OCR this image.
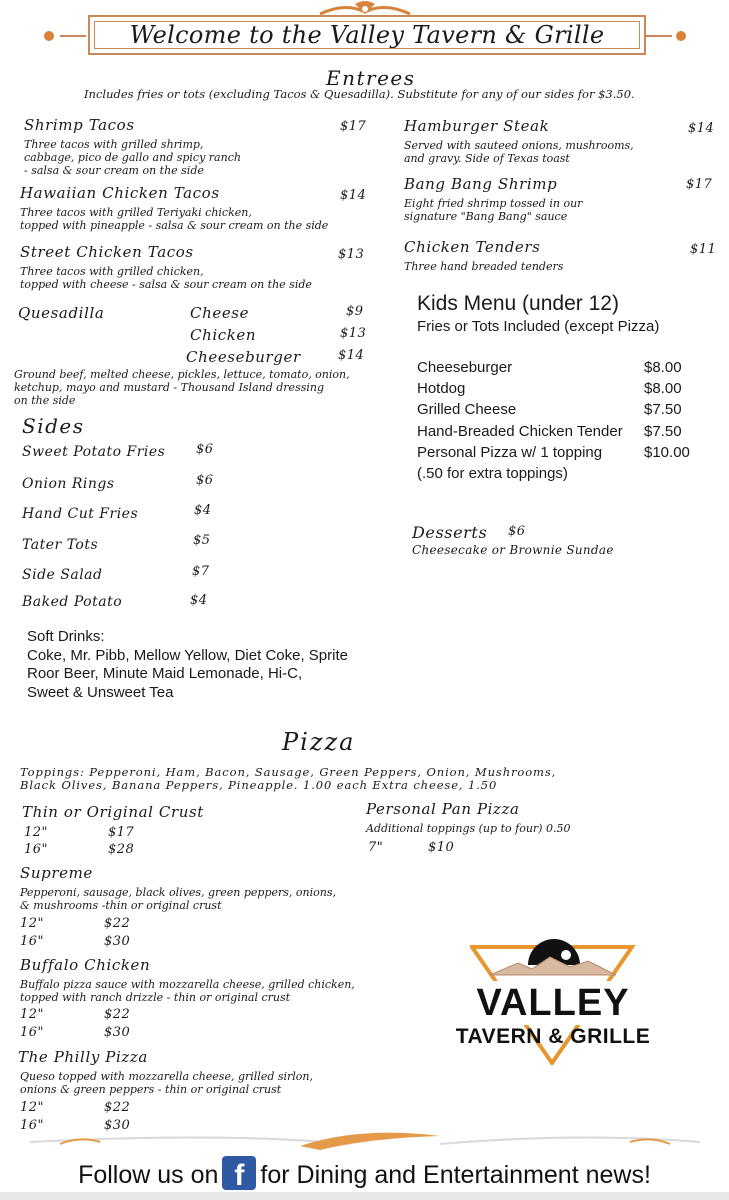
Welcome to the Valley Tavern & Grille
Entrees
Includes fries or tots (excluding Tacos & Quesadilla). Substitute for any of our sides for $3.50.
Shrimp Tacos	$17
Three tacos with grilled shrimp,
cabbage, pico de gallo and spicy ranch
- salsa & sour cream on the side
Hawaiian Chicken Tacos	$14
Three tacos with grilled Teriyaki chicken,
topped with pineapple - salsa & sour cream on the side
Street Chicken Tacos	$13
Three tacos with grilled chicken,
topped with cheese - salsa & sour cream on the side
Quesadilla	Cheese	$9
Chicken	$13
Cheeseburger	$14
Ground beef, melted cheese, pickles, lettuce, tomato, onion,
ketchup, mayo and mustard - Thousand Island dressing
on the side
Hamburger Steak	$14
Served with sauteed onions, mushrooms,
and gravy. Side of Texas toast
Bang Bang Shrimp	$17
Eight fried shrimp tossed in our
signature "Bang Bang" sauce
Chicken Tenders	$11
Three hand breaded tenders
Kids Menu (under 12)
Fries or Tots Included (except Pizza)
Cheeseburger	$8.00
Hotdog	$8.00
Grilled Cheese	$7.50
Hand-Breaded Chicken Tender $7.50
Personal Pizza w/ 1 topping	$10.00
(.50 for extra toppings)
Desserts $6
Cheesecake or Brownie Sundae
Sides
Sweet Potato Fries $6
Onion Rings	$6
Hand Cut Fries	$4
Tater Tots	$5
Side Salad	$7
Baked Potato	$4
Soft Drinks:
Coke, Mr. Pibb, Mellow Yellow, Diet Coke, Sprite
Roor Beer, Minute Maid Lemonade, Hi-C,
Sweet & Unsweet Tea
Pizza
Toppings: Pepperoni, Ham, Bacon, Sausage, Green Peppers, Onion, Mushrooms,
Black Olives, Banana Peppers, Pineapple. 1.00 each Extra cheese, 1.50
Thin or Original Crust
12"	$17
16"	$28
Supreme
Pepperoni, sausage, black olives, green peppers, onions,
& mushrooms -thin or original crust
12"	$22
16"	$30
Buffalo Chicken
Buffalo pizza sauce with mozzarella cheese, grilled chicken,
topped with ranch drizzle - thin or original crust
12"	$22
16"	$30
The Philly Pizza
Queso topped with mozzarella cheese, grilled sirlon,
onions & green peppers - thin or original crust
12"	$22
16"	$30
Personal Pan Pizza
Additional toppings (up to four) 0.50
7"	$10
VALLEY
TAVERN & GRILLE
Follow us on f for Dining and Entertainment news!
